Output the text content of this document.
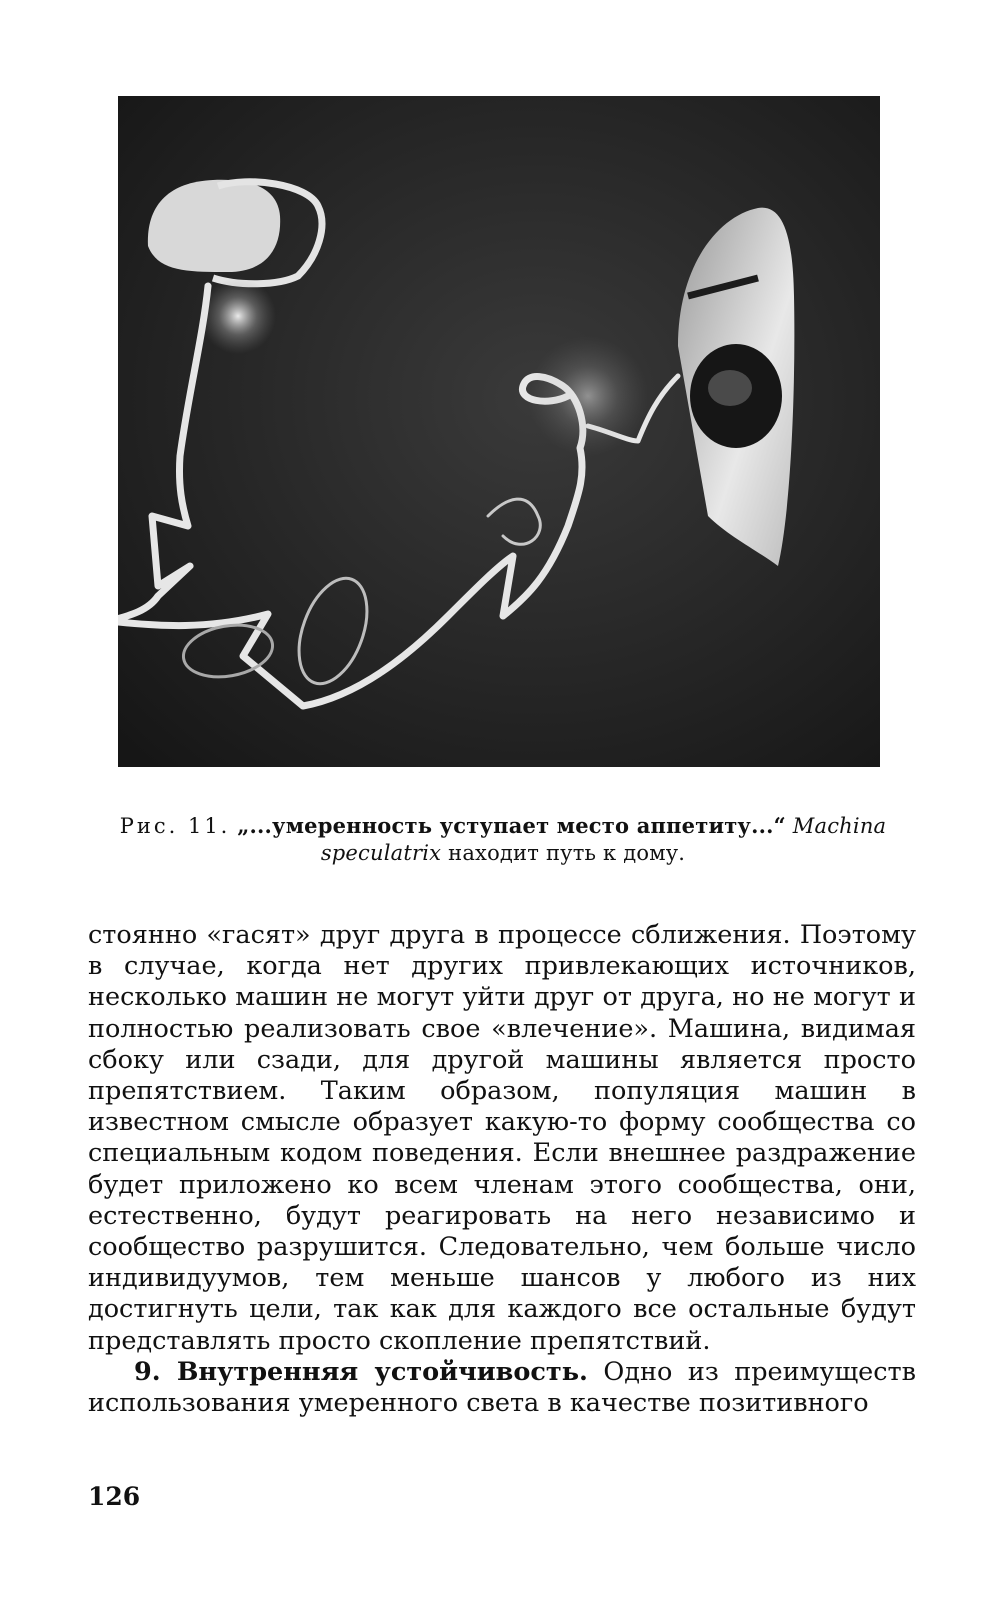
Рис. 11. „...умеренность уступает место аппетиту...“ Machina
speculatrix находит путь к дому.

стоянно «гасят» друг друга в процессе сближения. Поэтому в случае, когда нет других привлекающих источников, несколько машин не могут уйти друг от друга, но не могут и полностью реализовать свое «влечение». Машина, видимая сбоку или сзади, для другой машины является просто препятствием. Таким образом, популяция машин в известном смысле образует какую-то форму сообщества со специальным кодом поведения. Если внешнее раздражение будет приложено ко всем членам этого сообщества, они, естественно, будут реагировать на него независимо и сообщество разрушится. Следовательно, чем больше число индивидуумов, тем меньше шансов у любого из них достигнуть цели, так как для каждого все остальные будут представлять просто скопление препятствий.

9. Внутренняя устойчивость. Одно из преимуществ использования умеренного света в качестве позитивного

126
